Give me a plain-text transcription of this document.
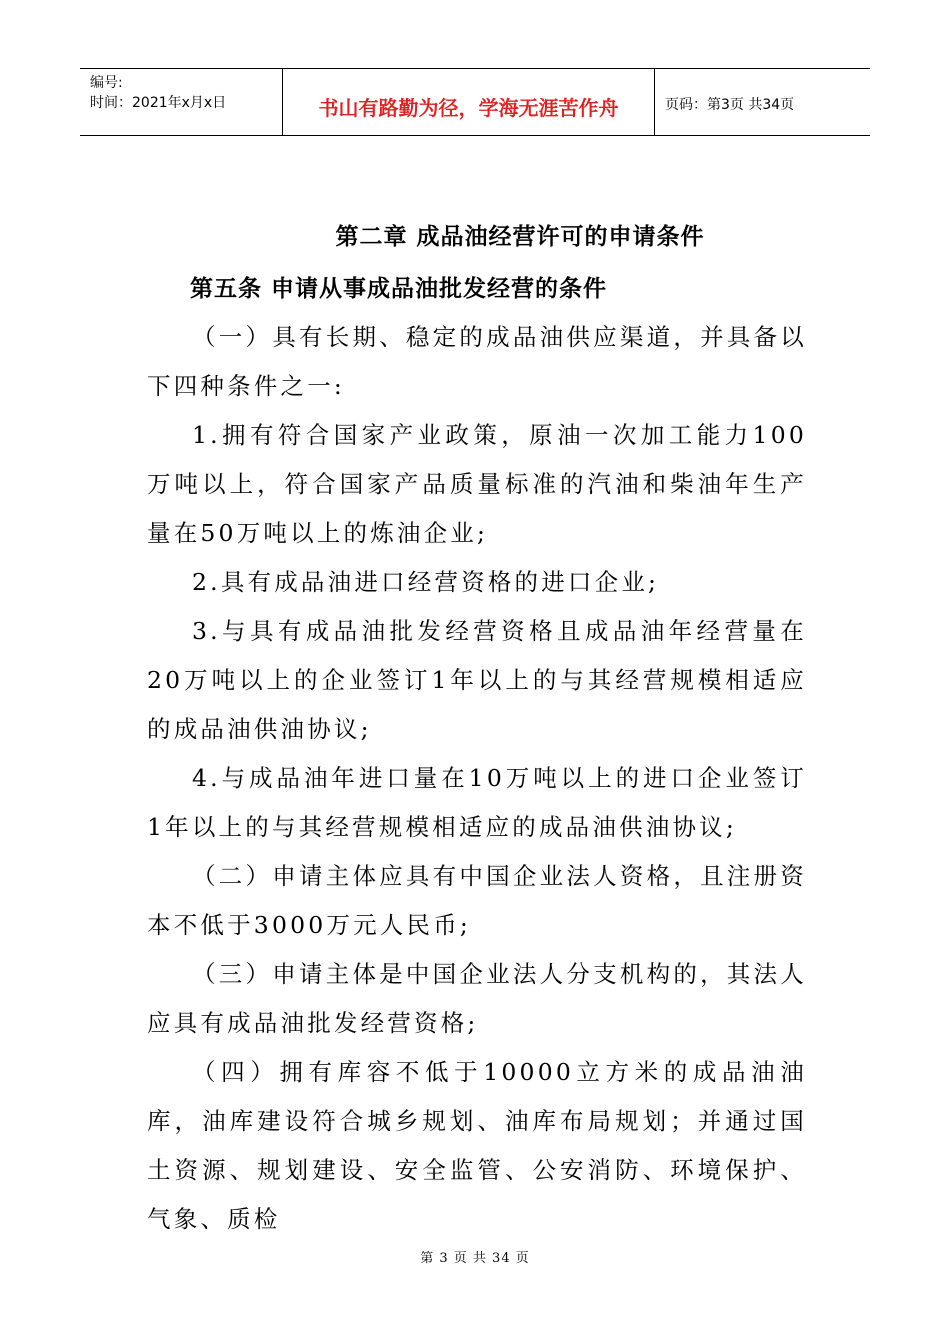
编号:
时间：2021年x月x日	书山有路勤为径，学海无涯苦作舟	页码：第3页 共34页
第二章 成品油经营许可的申请条件
第五条 申请从事成品油批发经营的条件

（一）具有长期、稳定的成品油供应渠道，并具备以下四种条件之一:

1.拥有符合国家产业政策，原油一次加工能力100万吨以上，符合国家产品质量标准的汽油和柴油年生产量在50万吨以上的炼油企业;

2.具有成品油进口经营资格的进口企业;

3.与具有成品油批发经营资格且成品油年经营量在20万吨以上的企业签订1年以上的与其经营规模相适应的成品油供油协议;

4.与成品油年进口量在10万吨以上的进口企业签订1年以上的与其经营规模相适应的成品油供油协议;

（二）申请主体应具有中国企业法人资格，且注册资本不低于3000万元人民币;

（三）申请主体是中国企业法人分支机构的，其法人应具有成品油批发经营资格;

（四）拥有库容不低于10000立方米的成品油油库，油库建设符合城乡规划、油库布局规划；并通过国土资源、规划建设、安全监管、公安消防、环境保护、气象、质检

第 3 页 共 34 页
